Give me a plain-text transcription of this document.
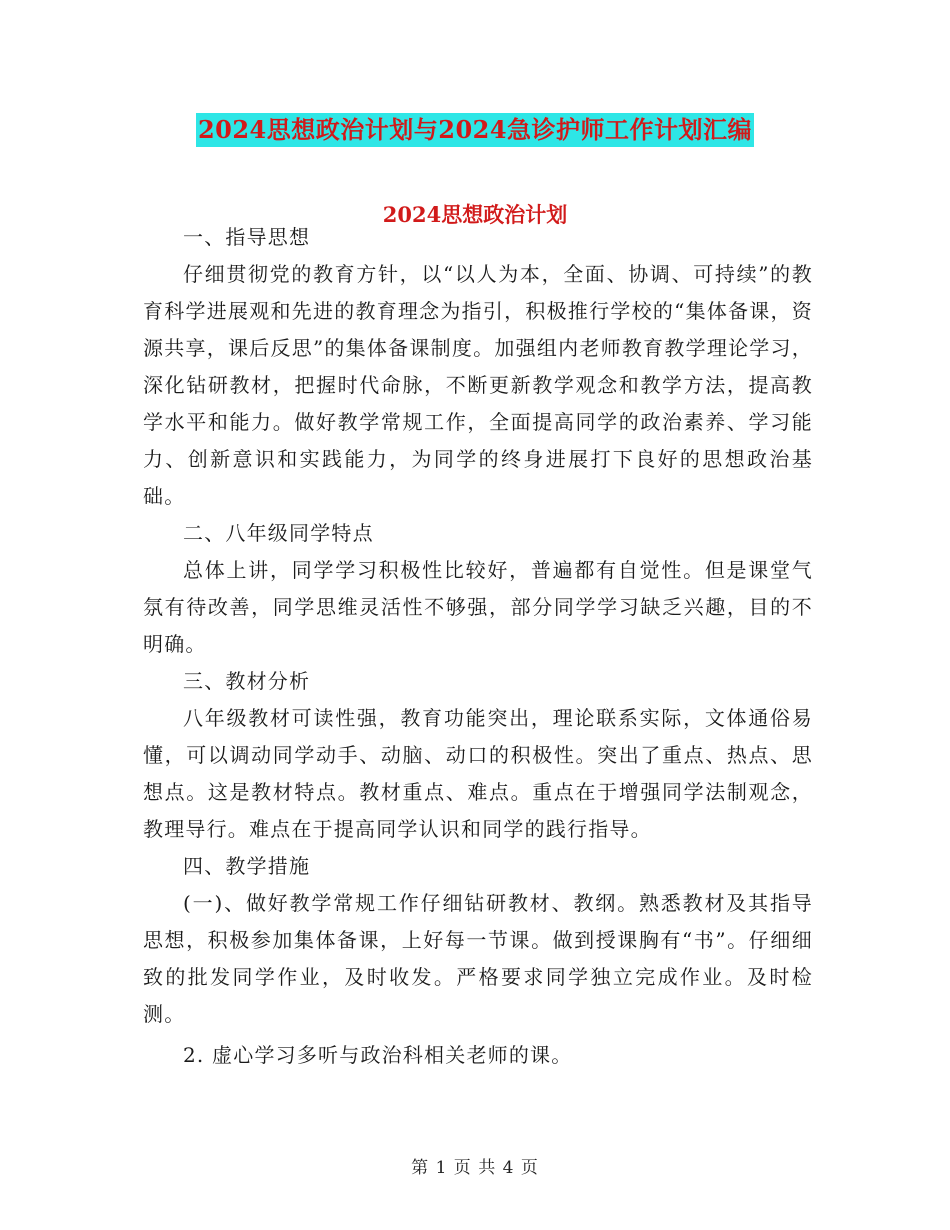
2024思想政治计划与2024急诊护师工作计划汇编
2024思想政治计划

一、指导思想

仔细贯彻党的教育方针，以“以人为本，全面、协调、可持续”的教育科学进展观和先进的教育理念为指引，积极推行学校的“集体备课，资源共享，课后反思”的集体备课制度。加强组内老师教育教学理论学习，深化钻研教材，把握时代命脉，不断更新教学观念和教学方法，提高教学水平和能力。做好教学常规工作，全面提高同学的政治素养、学习能力、创新意识和实践能力，为同学的终身进展打下良好的思想政治基础。

二、八年级同学特点

总体上讲，同学学习积极性比较好，普遍都有自觉性。但是课堂气氛有待改善，同学思维灵活性不够强，部分同学学习缺乏兴趣，目的不明确。

三、教材分析

八年级教材可读性强，教育功能突出，理论联系实际，文体通俗易懂，可以调动同学动手、动脑、动口的积极性。突出了重点、热点、思想点。这是教材特点。教材重点、难点。重点在于增强同学法制观念，教理导行。难点在于提高同学认识和同学的践行指导。

四、教学措施

(一)、做好教学常规工作仔细钻研教材、教纲。熟悉教材及其指导思想，积极参加集体备课，上好每一节课。做到授课胸有“书”。仔细细致的批发同学作业，及时收发。严格要求同学独立完成作业。及时检测。

2. 虚心学习多听与政治科相关老师的课。

第 1 页 共 4 页
